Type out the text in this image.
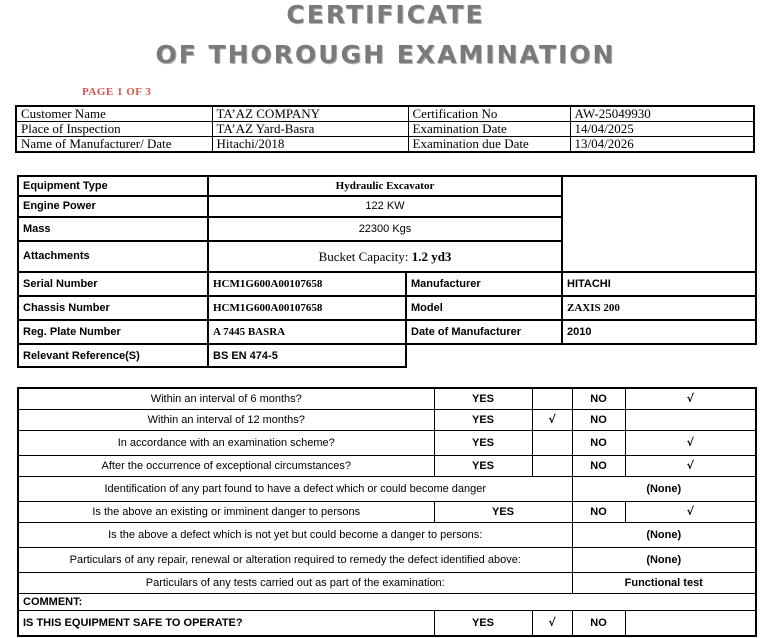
CERTIFICATE
OF THOROUGH EXAMINATION
PAGE 1 OF 3
Customer Name	TA’AZ COMPANY	Certification No	AW-25049930
Place of Inspection	TA’AZ Yard-Basra	Examination Date	14/04/2025
Name of Manufacturer/ Date	Hitachi/2018	Examination due Date	13/04/2026
Equipment Type	Hydraulic Excavator		
Engine Power	122 KW		
Mass	22300 Kgs		
Attachments	Bucket Capacity: 1.2 yd3		
Serial Number	HCM1G600A00107658	Manufacturer	HITACHI
Chassis Number	HCM1G600A00107658	Model	ZAXIS 200
Reg. Plate Number	A 7445 BASRA	Date of Manufacturer	2010
Relevant Reference(S)	BS EN 474-5		
Within an interval of 6 months?	YES		NO	√
Within an interval of 12 months?	YES	√	NO	
In accordance with an examination scheme?	YES		NO	√
After the occurrence of exceptional circumstances?	YES		NO	√
Identification of any part found to have a defect which or could become danger			(None)	
Is the above an existing or imminent danger to persons	YES		NO	√
Is the above a defect which is not yet but could become a danger to persons:			(None)	
Particulars of any repair, renewal or alteration required to remedy the defect identified above:			(None)	
Particulars of any tests carried out as part of the examination:			Functional test	
COMMENT:				
IS THIS EQUIPMENT SAFE TO OPERATE?	YES	√	NO	
